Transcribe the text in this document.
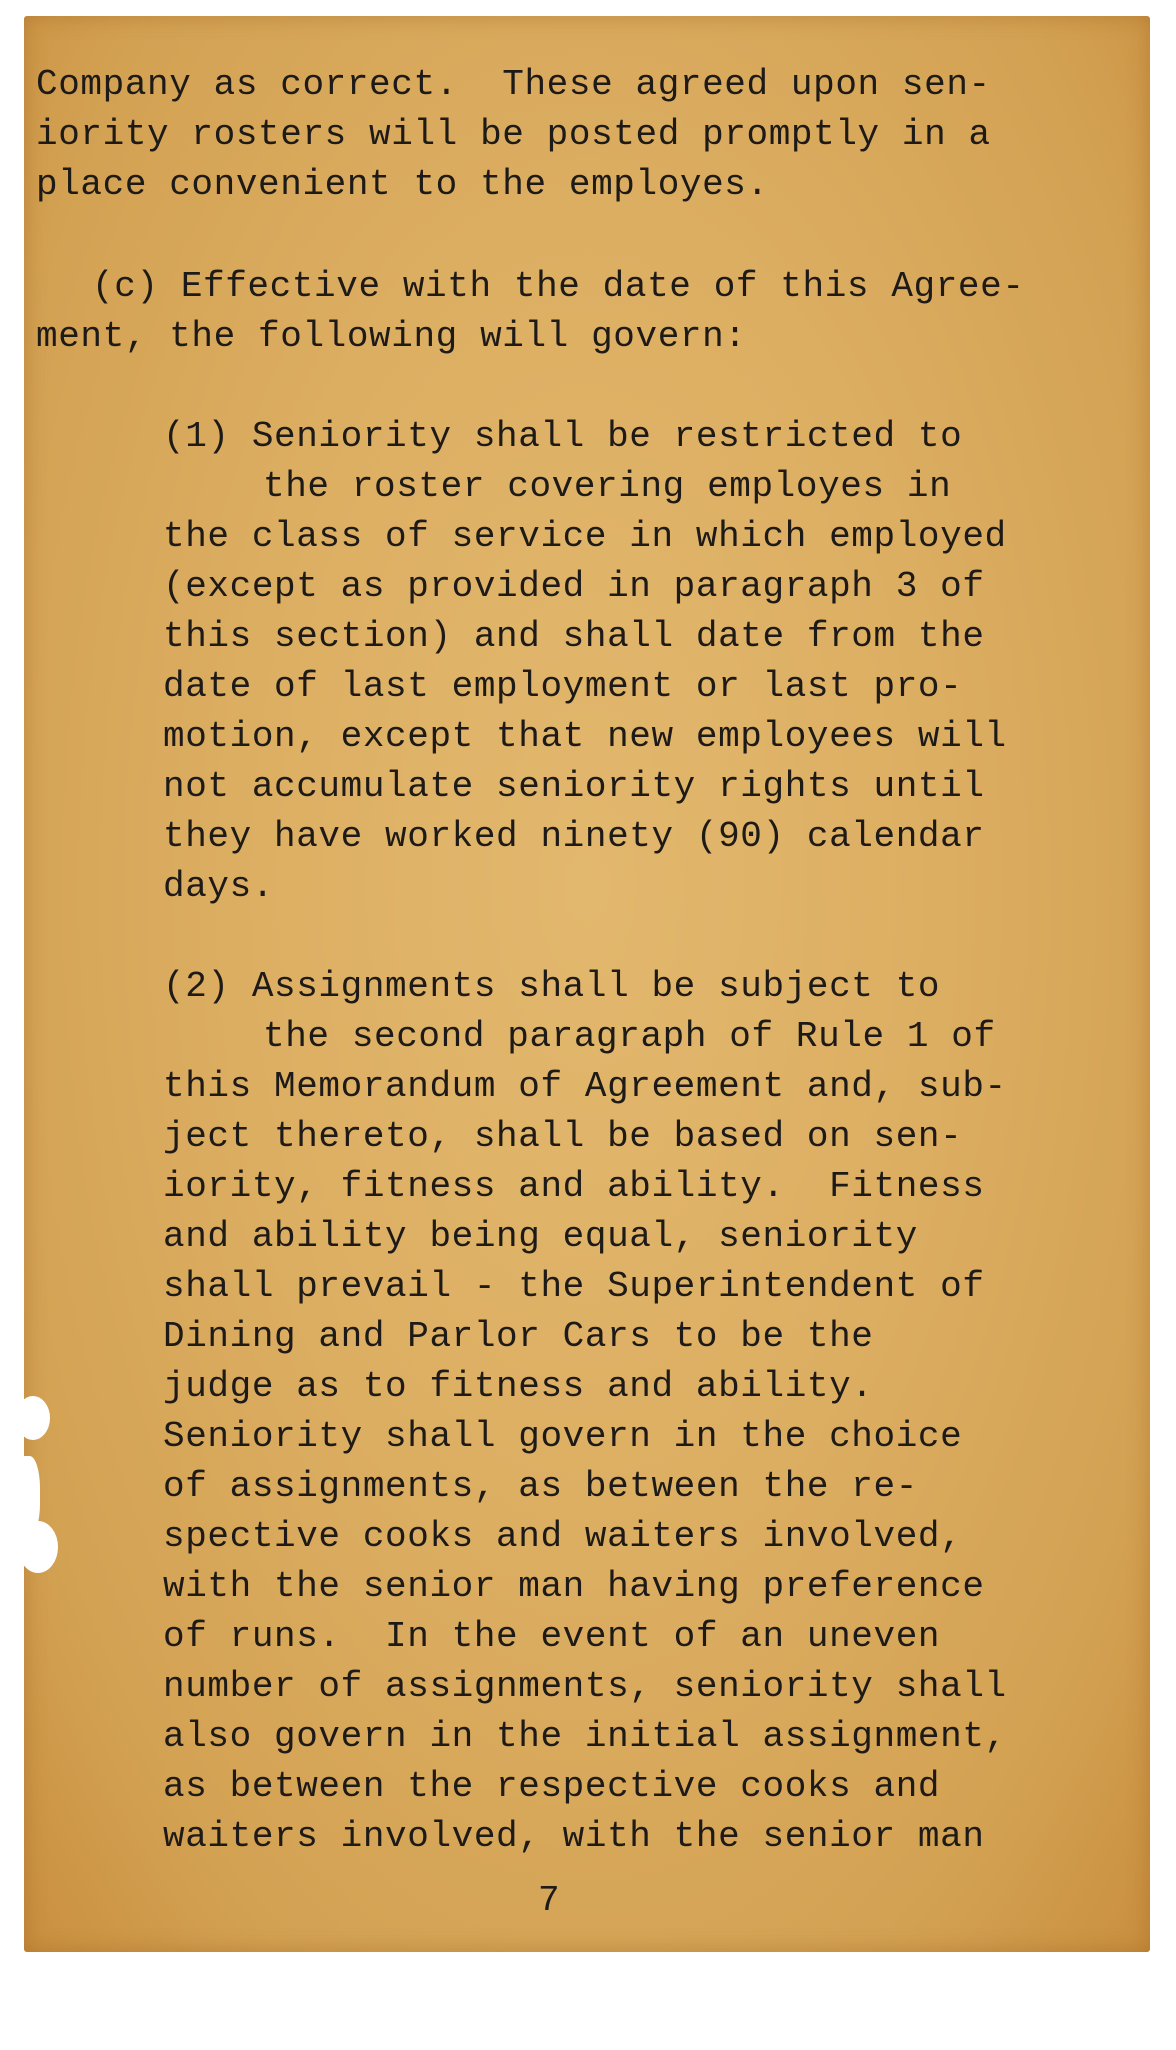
Company as correct.  These agreed upon sen-

iority rosters will be posted promptly in a

place convenient to the employes.

(c) Effective with the date of this Agree-

ment, the following will govern:

(1) Seniority shall be restricted to

the roster covering employes in

the class of service in which employed

(except as provided in paragraph 3 of

this section) and shall date from the

date of last employment or last pro-

motion, except that new employees will

not accumulate seniority rights until

they have worked ninety (90) calendar

days.

(2) Assignments shall be subject to

the second paragraph of Rule 1 of

this Memorandum of Agreement and, sub-

ject thereto, shall be based on sen-

iority, fitness and ability.  Fitness

and ability being equal, seniority

shall prevail - the Superintendent of

Dining and Parlor Cars to be the

judge as to fitness and ability.

Seniority shall govern in the choice

of assignments, as between the re-

spective cooks and waiters involved,

with the senior man having preference

of runs.  In the event of an uneven

number of assignments, seniority shall

also govern in the initial assignment,

as between the respective cooks and

waiters involved, with the senior man

7
